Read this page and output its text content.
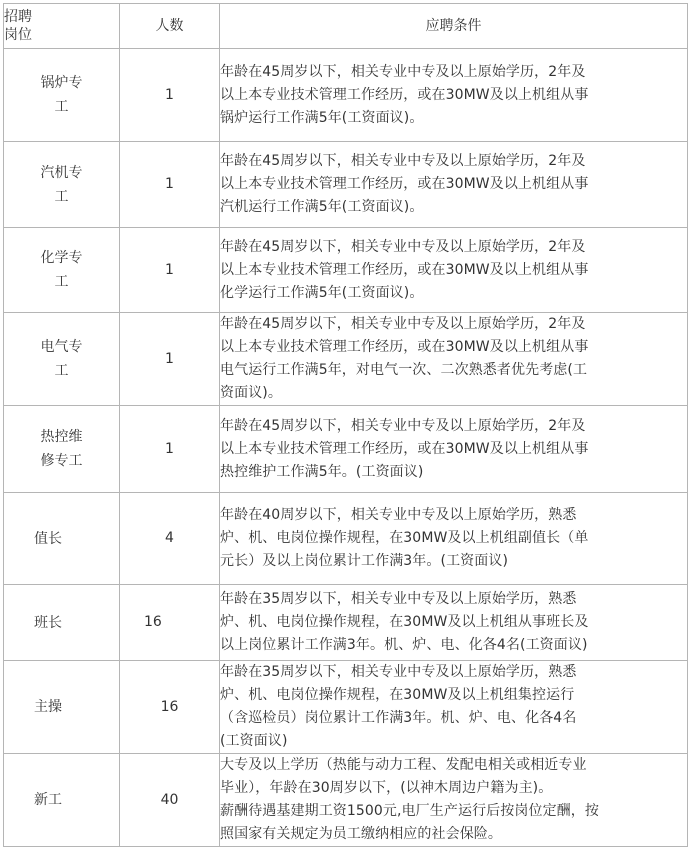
招聘
岗位	人数	应聘条件

锅炉专
工	1	年龄在45周岁以下，相关专业中专及以上原始学历，2年及
以上本专业技术管理工作经历，或在30MW及以上机组从事
锅炉运行工作满5年(工资面议)。

汽机专
工	1	年龄在45周岁以下，相关专业中专及以上原始学历，2年及
以上本专业技术管理工作经历，或在30MW及以上机组从事
汽机运行工作满5年(工资面议)。

化学专
工	1	年龄在45周岁以下，相关专业中专及以上原始学历，2年及
以上本专业技术管理工作经历，或在30MW及以上机组从事
化学运行工作满5年(工资面议)。

电气专
工	1	年龄在45周岁以下，相关专业中专及以上原始学历，2年及
以上本专业技术管理工作经历，或在30MW及以上机组从事
电气运行工作满5年，对电气一次、二次熟悉者优先考虑(工
资面议)。

热控维
修专工	1	年龄在45周岁以下，相关专业中专及以上原始学历，2年及
以上本专业技术管理工作经历，或在30MW及以上机组从事
热控维护工作满5年。(工资面议)

值长	4	年龄在40周岁以下，相关专业中专及以上原始学历，熟悉
炉、机、电岗位操作规程，在30MW及以上机组副值长（单
元长）及以上岗位累计工作满3年。(工资面议)

班长	16	年龄在35周岁以下，相关专业中专及以上原始学历，熟悉
炉、机、电岗位操作规程，在30MW及以上机组从事班长及
以上岗位累计工作满3年。机、炉、电、化各4名(工资面议)

主操	16	年龄在35周岁以下，相关专业中专及以上原始学历，熟悉
炉、机、电岗位操作规程，在30MW及以上机组集控运行
（含巡检员）岗位累计工作满3年。机、炉、电、化各4名
(工资面议)

新工	40	大专及以上学历（热能与动力工程、发配电相关或相近专业
毕业），年龄在30周岁以下，(以神木周边户籍为主)。
薪酬待遇基建期工资1500元,电厂生产运行后按岗位定酬，按
照国家有关规定为员工缴纳相应的社会保险。
